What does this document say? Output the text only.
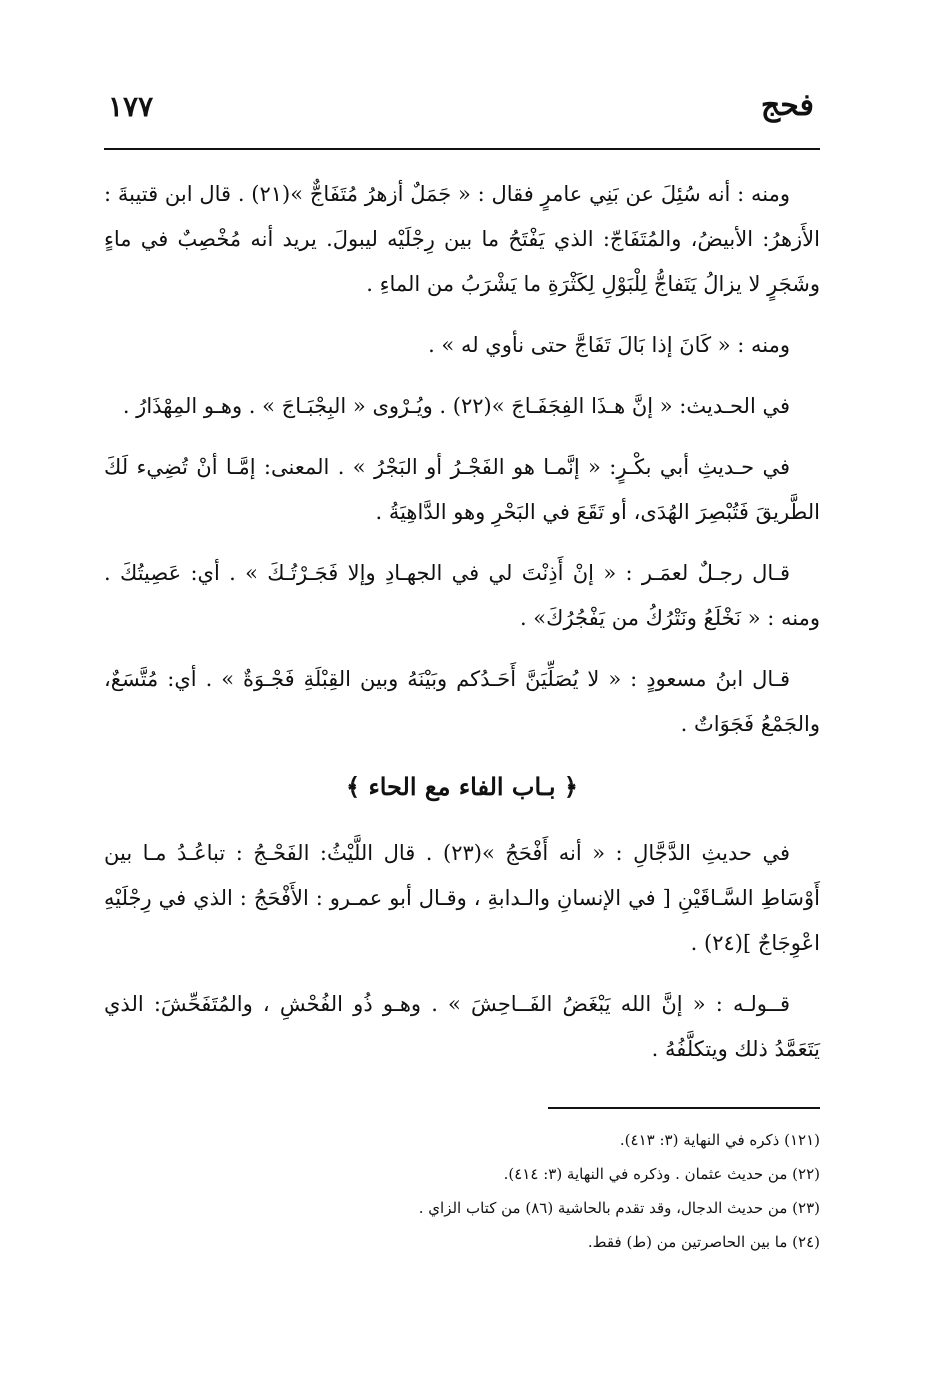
فحج
١٧٧

ومنه : أنه سُئِلَ عن بَنِي عامرٍ فقال : « جَمَلٌ أزهرُ مُتَفَاجٌّ »(٢١) . قال ابن قتيبةَ : الأَزهرُ: الأبيضُ، والمُتَفَاجّ: الذي يَفْتَحُ ما بين رِجْلَيْه ليبولَ. يريد أنه مُخْصِبٌ في ماءٍ وشَجَرٍ لا يزالُ يَتَفاجُّ لِلْبَوْلِ لِكَثْرَةِ ما يَشْرَبُ من الماءِ .

ومنه : « كَانَ إذا بَالَ تَفَاجَّ حتى نأوي له » .

في الحـديث: « إنَّ هـذَا الفِجَفَـاجَ »(٢٢) . ويُـرْوى « البِجْبَـاجَ » . وهـو المِهْذَارُ .

في حـديثِ أبي بكْـرٍ: « إنَّمـا هو الفَجْـرُ أو البَجْرُ » . المعنى: إمَّـا أنْ تُضِيء لَكَ الطَّريقَ فَتُبْصِرَ الهُدَى، أو تَقَعَ في البَحْرِ وهو الدَّاهِيَةُ .

قـال رجـلٌ لعمَـر : « إنْ أَذِنْتَ لي في الجهـادِ وإلا فَجَـرْتُـكَ » . أي: عَصِيتُكَ . ومنه : « نَخْلَعُ ونَتْرُكُ من يَفْجُرُكَ» .

قـال ابنُ مسعودٍ : « لا يُصَلِّيَنَّ أَحَـدُكم وبَيْنَهُ وبين القِبْلَةِ فَجْـوَةٌ » . أي: مُتَّسَعٌ، والجَمْعُ فَجَوَاتٌ .

﴿ بـاب الفاء مع الحاء ﴾

في حديثِ الدَّجَّالِ : « أنه أَفْحَجُ »(٢٣) . قال اللَّيْثُ: الفَحْـجُ : تباعُـدُ مـا بين أَوْسَاطِ السَّـاقَيْنِ [ في الإنسانِ والـدابةِ ، وقـال أبو عمـرو : الأَفْحَجُ : الذي في رِجْلَيْهِ اعْوِجَاجٌ ](٢٤) .

قــولـه : « إنَّ الله يَبْغَضُ الفَــاحِشَ » . وهـو ذُو الفُحْشِ ، والمُتَفَحِّشَ: الذي يَتَعَمَّدُ ذلك ويتكلَّفُهُ .

(١٢١) ذكره في النهاية (٣: ٤١٣).

(٢٢) من حديث عثمان . وذكره في النهاية (٣: ٤١٤).

(٢٣) من حديث الدجال، وقد تقدم بالحاشية (٨٦) من كتاب الزاي .

(٢٤) ما بين الحاصرتين من (ط) فقط.
